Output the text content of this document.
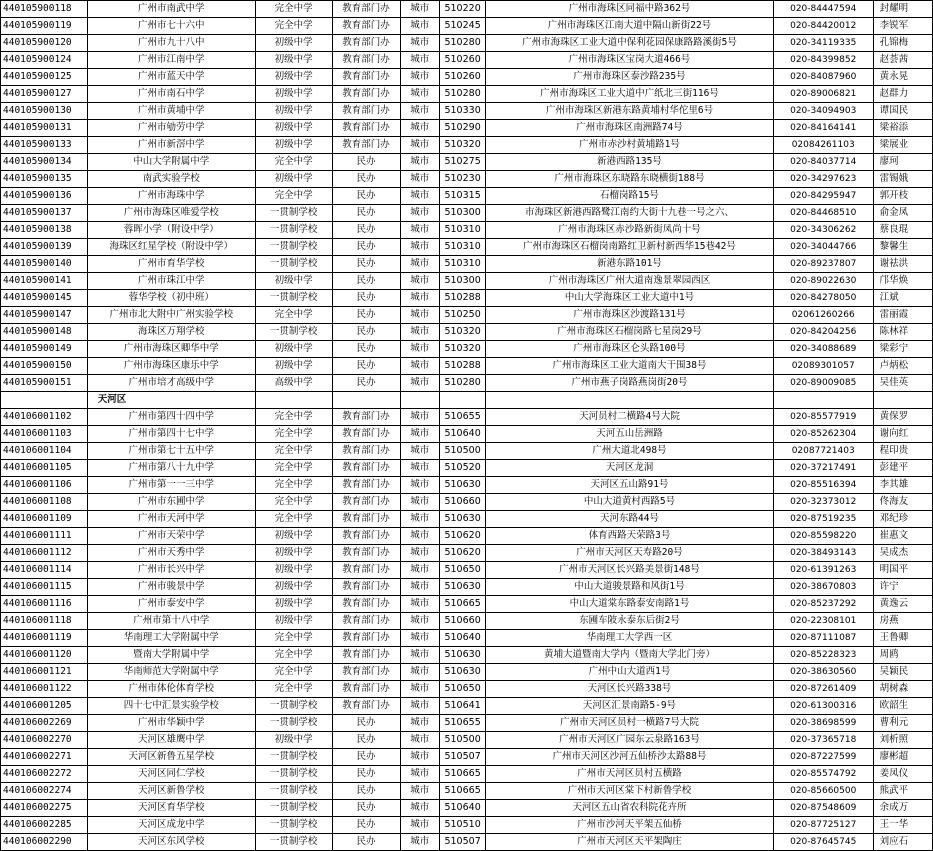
440105900118	广州市南武中学	完全中学	教育部门办	城市	510220	广州市海珠区同福中路362号	020-84447594	封耀明
440105900119	广州市七十六中	完全中学	教育部门办	城市	510245	广州市海珠区江南大道中隔山新街22号	020-84420012	李锐军
440105900120	广州市九十八中	初级中学	教育部门办	城市	510280	广州市海珠区工业大道中保利花园保康路路溪街5号	020-34119335	孔锦梅
440105900124	广州市江南中学	初级中学	教育部门办	城市	510260	广州市海珠区宝岗大道466号	020-84399852	赵荟茜
440105900125	广州市蓝天中学	初级中学	教育部门办	城市	510260	广州市海珠区泰沙路235号	020-84087960	黄永晃
440105900127	广州市南石中学	初级中学	教育部门办	城市	510280	广州市海珠区工业大道中广纸北三街116号	020-89006821	赵群力
440105900130	广州市黄埔中学	初级中学	教育部门办	城市	510330	广州市海珠区新港东路黄埔村华佗里6号	020-34094903	谭国民
440105900131	广州市劬劳中学	初级中学	教育部门办	城市	510290	广州市海珠区南洲路74号	020-84164141	梁裕添
440105900133	广州市新滘中学	初级中学	教育部门办	城市	510320	广州市赤沙村黄埔路1号	02084261103	梁展业
440105900134	中山大学附属中学	完全中学	民办	城市	510275	新港西路135号	020-84037714	廖珂
440105900135	南武实验学校	初级中学	民办	城市	510230	广州市海珠区东晓路东晓横街188号	020-34297623	雷锡娥
440105900136	广州市海珠中学	完全中学	民办	城市	510315	石榴岗路15号	020-84295947	郭开枝
440105900137	广州市海珠区唯爱学校	一贯制学校	民办	城市	510300	市海珠区新港西路鹭江南约大街十九巷一号之六、	020-84468510	俞金凤
440105900138	蓉晖小学（附设中学）	一贯制学校	民办	城市	510310	广州市海珠区赤沙路新街凤尚十号	020-34306262	蔡良琨
440105900139	海珠区红星学校（附设中学）	一贯制学校	民办	城市	510310	广州市海珠区石榴岗南路红卫新村新西华15巷42号	020-34044766	黎馨生
440105900140	广州市育华学校	一贯制学校	民办	城市	510310	新港东路101号	020-89237807	谢祛洪
440105900141	广州市珠江中学	初级中学	民办	城市	510300	广州市海珠区广州大道南逸景翠园西区	020-89022630	邝华焕
440105900145	蓉华学校（初中班）	一贯制学校	民办	城市	510288	中山大学海珠区工业大道中1号	020-84278050	江斌
440105900147	广州市北大附中广州实验学校	完全中学	民办	城市	510250	广州市海珠区沙渡路131号	02061260266	雷丽霞
440105900148	海珠区万翔学校	一贯制学校	民办	城市	510320	广州市海珠区石榴岗路七星岗29号	020-84204256	陈林祥
440105900149	广州市海珠区卿华中学	初级中学	民办	城市	510320	广州市海珠区仑头路100号	020-34088689	梁彩宁
440105900150	广州市海珠区康乐中学	初级中学	民办	城市	510288	广州市海珠区工业大道南大干围38号	02089301057	卢炳松
440105900151	广州市培才高级中学	高级中学	民办	城市	510280	广州市燕子岗路燕岗街20号	020-89009085	吴佳英
	天河区							
440106001102	广州市第四十四中学	完全中学	教育部门办	城市	510655	天河员村二横路4号大院	020-85577919	黄保罗
440106001103	广州市第四十七中学	完全中学	教育部门办	城市	510640	天河五山岳洲路	020-85262304	谢向红
440106001104	广州市第七十五中学	完全中学	教育部门办	城市	510500	广州大道北498号	02087721403	程印贵
440106001105	广州市第八十九中学	完全中学	教育部门办	城市	510520	天河区龙洞	020-37217491	彭建平
440106001106	广州市第一一三中学	完全中学	教育部门办	城市	510630	天河区五山路91号	020-85516394	李其雄
440106001108	广州市东圃中学	完全中学	教育部门办	城市	510660	中山大道黄村西路5号	020-32373012	佟海友
440106001109	广州市天河中学	完全中学	教育部门办	城市	510630	天河东路44号	020-87519235	邓纪珍
440106001111	广州市天荣中学	初级中学	教育部门办	城市	510620	体育西路天荣路3号	020-85598220	崔惠文
440106001112	广州市天秀中学	初级中学	教育部门办	城市	510620	广州市天河区天寿路20号	020-38493143	吴成杰
440106001114	广州市长兴中学	初级中学	教育部门办	城市	510650	广州市天河区长兴路美景街148号	020-61391263	明国平
440106001115	广州市骏景中学	初级中学	教育部门办	城市	510630	中山大道骏景路和风街1号	020-38670803	许宁
440106001116	广州市泰安中学	初级中学	教育部门办	城市	510665	中山大道棠东路泰安南路1号	020-85237292	黄逸云
440106001118	广州市第十八中学	初级中学	教育部门办	城市	510660	东圃车陂永泰东后街2号	020-22308101	房燕
440106001119	华南理工大学附属中学	完全中学	教育部门办	城市	510640	华南理工大学西一区	020-87111087	王鲁卿
440106001120	暨南大学附属中学	完全中学	教育部门办	城市	510630	黄埔大道暨南大学内（暨南大学北门旁）	020-85228323	周鸥
440106001121	华南师范大学附属中学	完全中学	教育部门办	城市	510630	广州中山大道西1号	020-38630560	吴颖民
440106001122	广州市体伦体育学校	完全中学	教育部门办	城市	510650	天河区长兴路338号	020-87261409	胡树森
440106001205	四十七中汇景实验学校	一贯制学校	教育部门办	城市	510641	天河区汇景南路5-9号	020-61300316	欧韶生
440106002269	广州市华颖中学	一贯制学校	民办	城市	510655	广州市天河区员村一横路7号大院	020-38698599	曹利元
440106002270	天河区雄鹰中学	初级中学	民办	城市	510500	广州市天河区广园东云泉路163号	020-37365718	刘析照
440106002271	天河区新鲁五星学校	一贯制学校	民办	城市	510507	广州市天河区沙河五仙桥沙太路88号	020-87227599	廖彬超
440106002272	天河区同仁学校	一贯制学校	民办	城市	510665	广州市天河区员村五横路	020-85574792	姜凤仪
440106002274	天河区新鲁学校	一贯制学校	民办	城市	510665	广州市天河区棠下村新鲁学校	020-85660500	熊武平
440106002275	天河区育华学校	一贯制学校	民办	城市	510640	天河区五山省农科院花卉所	020-87548609	余成万
440106002285	天河区成龙中学	一贯制学校	民办	城市	510510	广州市沙河天平架五仙桥	020-87725127	王一华
440106002290	天河区东风学校	一贯制学校	民办	城市	510507	广州市天河区天平架陶庄	020-87645745	刘应石
